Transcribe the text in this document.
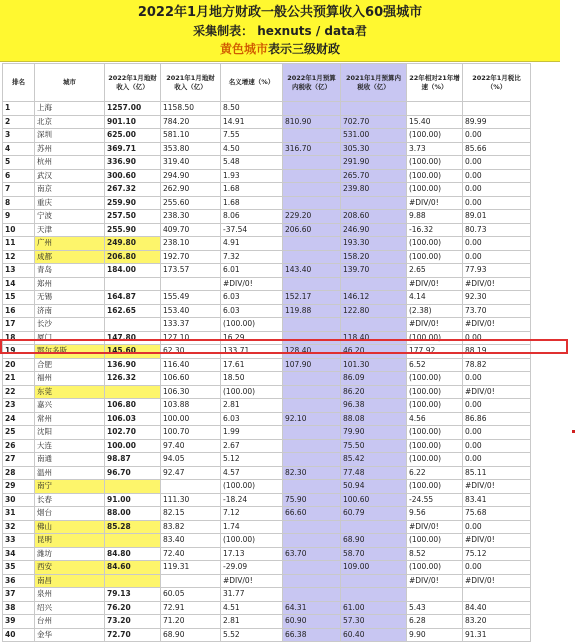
2022年1月地方财政一般公共预算收入60强城市
采集制表： hexnuts / data君
黄色城市表示三级财政
排名	城市	2022年1月地财收入（亿）	2021年1月地财收入（亿）	名义增速（%）	2022年1月预算内税收（亿）	2021年1月预算内税收（亿）	22年相对21年增速（%）	2022年1月税比（%）
1	上海	1257.00	1158.50	8.50				
2	北京	901.10	784.20	14.91	810.90	702.70	15.40	89.99
3	深圳	625.00	581.10	7.55		531.00	(100.00)	0.00
4	苏州	369.71	353.80	4.50	316.70	305.30	3.73	85.66
5	杭州	336.90	319.40	5.48		291.90	(100.00)	0.00
6	武汉	300.60	294.90	1.93		265.70	(100.00)	0.00
7	南京	267.32	262.90	1.68		239.80	(100.00)	0.00
8	重庆	259.90	255.60	1.68			#DIV/0!	0.00
9	宁波	257.50	238.30	8.06	229.20	208.60	9.88	89.01
10	天津	255.90	409.70	-37.54	206.60	246.90	-16.32	80.73
11	广州	249.80	238.10	4.91		193.30	(100.00)	0.00
12	成都	206.80	192.70	7.32		158.20	(100.00)	0.00
13	青岛	184.00	173.57	6.01	143.40	139.70	2.65	77.93
14	郑州			#DIV/0!			#DIV/0!	#DIV/0!
15	无锡	164.87	155.49	6.03	152.17	146.12	4.14	92.30
16	济南	162.65	153.40	6.03	119.88	122.80	(2.38)	73.70
17	长沙		133.37	(100.00)			#DIV/0!	#DIV/0!
18	厦门	147.80	127.10	16.29		118.40	(100.00)	0.00
19	鄂尔多斯	145.60	62.30	133.71	128.40	46.20	177.92	88.19
20	合肥	136.90	116.40	17.61	107.90	101.30	6.52	78.82
21	福州	126.32	106.60	18.50		86.09	(100.00)	0.00
22	东莞		106.30	(100.00)		86.20	(100.00)	#DIV/0!
23	嘉兴	106.80	103.88	2.81		96.38	(100.00)	0.00
24	常州	106.03	100.00	6.03	92.10	88.08	4.56	86.86
25	沈阳	102.70	100.70	1.99		79.90	(100.00)	0.00
26	大连	100.00	97.40	2.67		75.50	(100.00)	0.00
27	南通	98.87	94.05	5.12		85.42	(100.00)	0.00
28	温州	96.70	92.47	4.57	82.30	77.48	6.22	85.11
29	南宁			(100.00)		50.94	(100.00)	#DIV/0!
30	长春	91.00	111.30	-18.24	75.90	100.60	-24.55	83.41
31	烟台	88.00	82.15	7.12	66.60	60.79	9.56	75.68
32	佛山	85.28	83.82	1.74			#DIV/0!	0.00
33	昆明		83.40	(100.00)		68.90	(100.00)	#DIV/0!
34	潍坊	84.80	72.40	17.13	63.70	58.70	8.52	75.12
35	西安	84.60	119.31	-29.09		109.00	(100.00)	0.00
36	南昌			#DIV/0!			#DIV/0!	#DIV/0!
37	泉州	79.13	60.05	31.77				
38	绍兴	76.20	72.91	4.51	64.31	61.00	5.43	84.40
39	台州	73.20	71.20	2.81	60.90	57.30	6.28	83.20
40	金华	72.70	68.90	5.52	66.38	60.40	9.90	91.31
